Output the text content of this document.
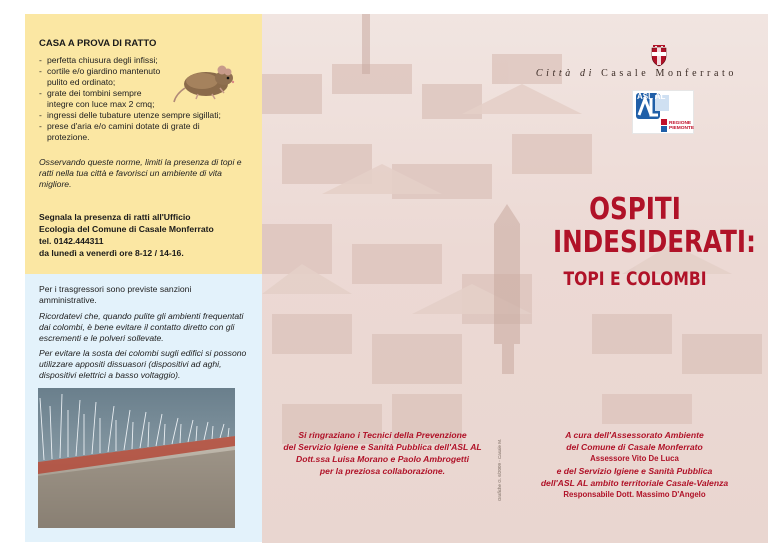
CASA A PROVA DI RATTO
- perfetta chiusura degli infissi;
- cortile e/o giardino mantenuto pulito ed ordinato;
- grate dei tombini sempre integre con luce max 2 cmq;
- ingressi delle tubature utenze sempre sigillati;
- prese d'aria e/o camini dotate di grate di protezione.
Osservando queste norme, limiti la presenza di topi e ratti nella tua città e favorisci un ambiente di vita migliore.
Segnala la presenza di ratti all'Ufficio
Ecologia del Comune di Casale Monferrato
tel. 0142.444311
da lunedì a venerdì ore 8-12 / 14-16.
Per i trasgressori sono previste sanzioni amministrative.
Ricordatevi che, quando pulite gli ambienti frequentati dai colombi, è bene evitare il contatto diretto con gli escrementi e le polveri sollevate.
Per evitare la sosta dei colombi sugli edifici si possono utilizzare appositi dissuasori (dispositivi ad aghi, dispositivi elettrici a basso voltaggio).
Grafiche G. 6/2009 - Casale M.
Città di Casale Monferrato
ASL AL
REGIONE
PIEMONTE
OSPITI
INDESIDERATI:
TOPI E COLOMBI
Si ringraziano i Tecnici della Prevenzione
del Servizio Igiene e Sanità Pubblica dell'ASL AL
Dott.ssa Luisa Morano e Paolo Ambrogetti
per la preziosa collaborazione.
A cura dell'Assessorato Ambiente
del Comune di Casale Monferrato
Assessore Vito De Luca
e del Servizio Igiene e Sanità Pubblica
dell'ASL AL ambito territoriale Casale-Valenza
Responsabile Dott. Massimo D'Angelo
